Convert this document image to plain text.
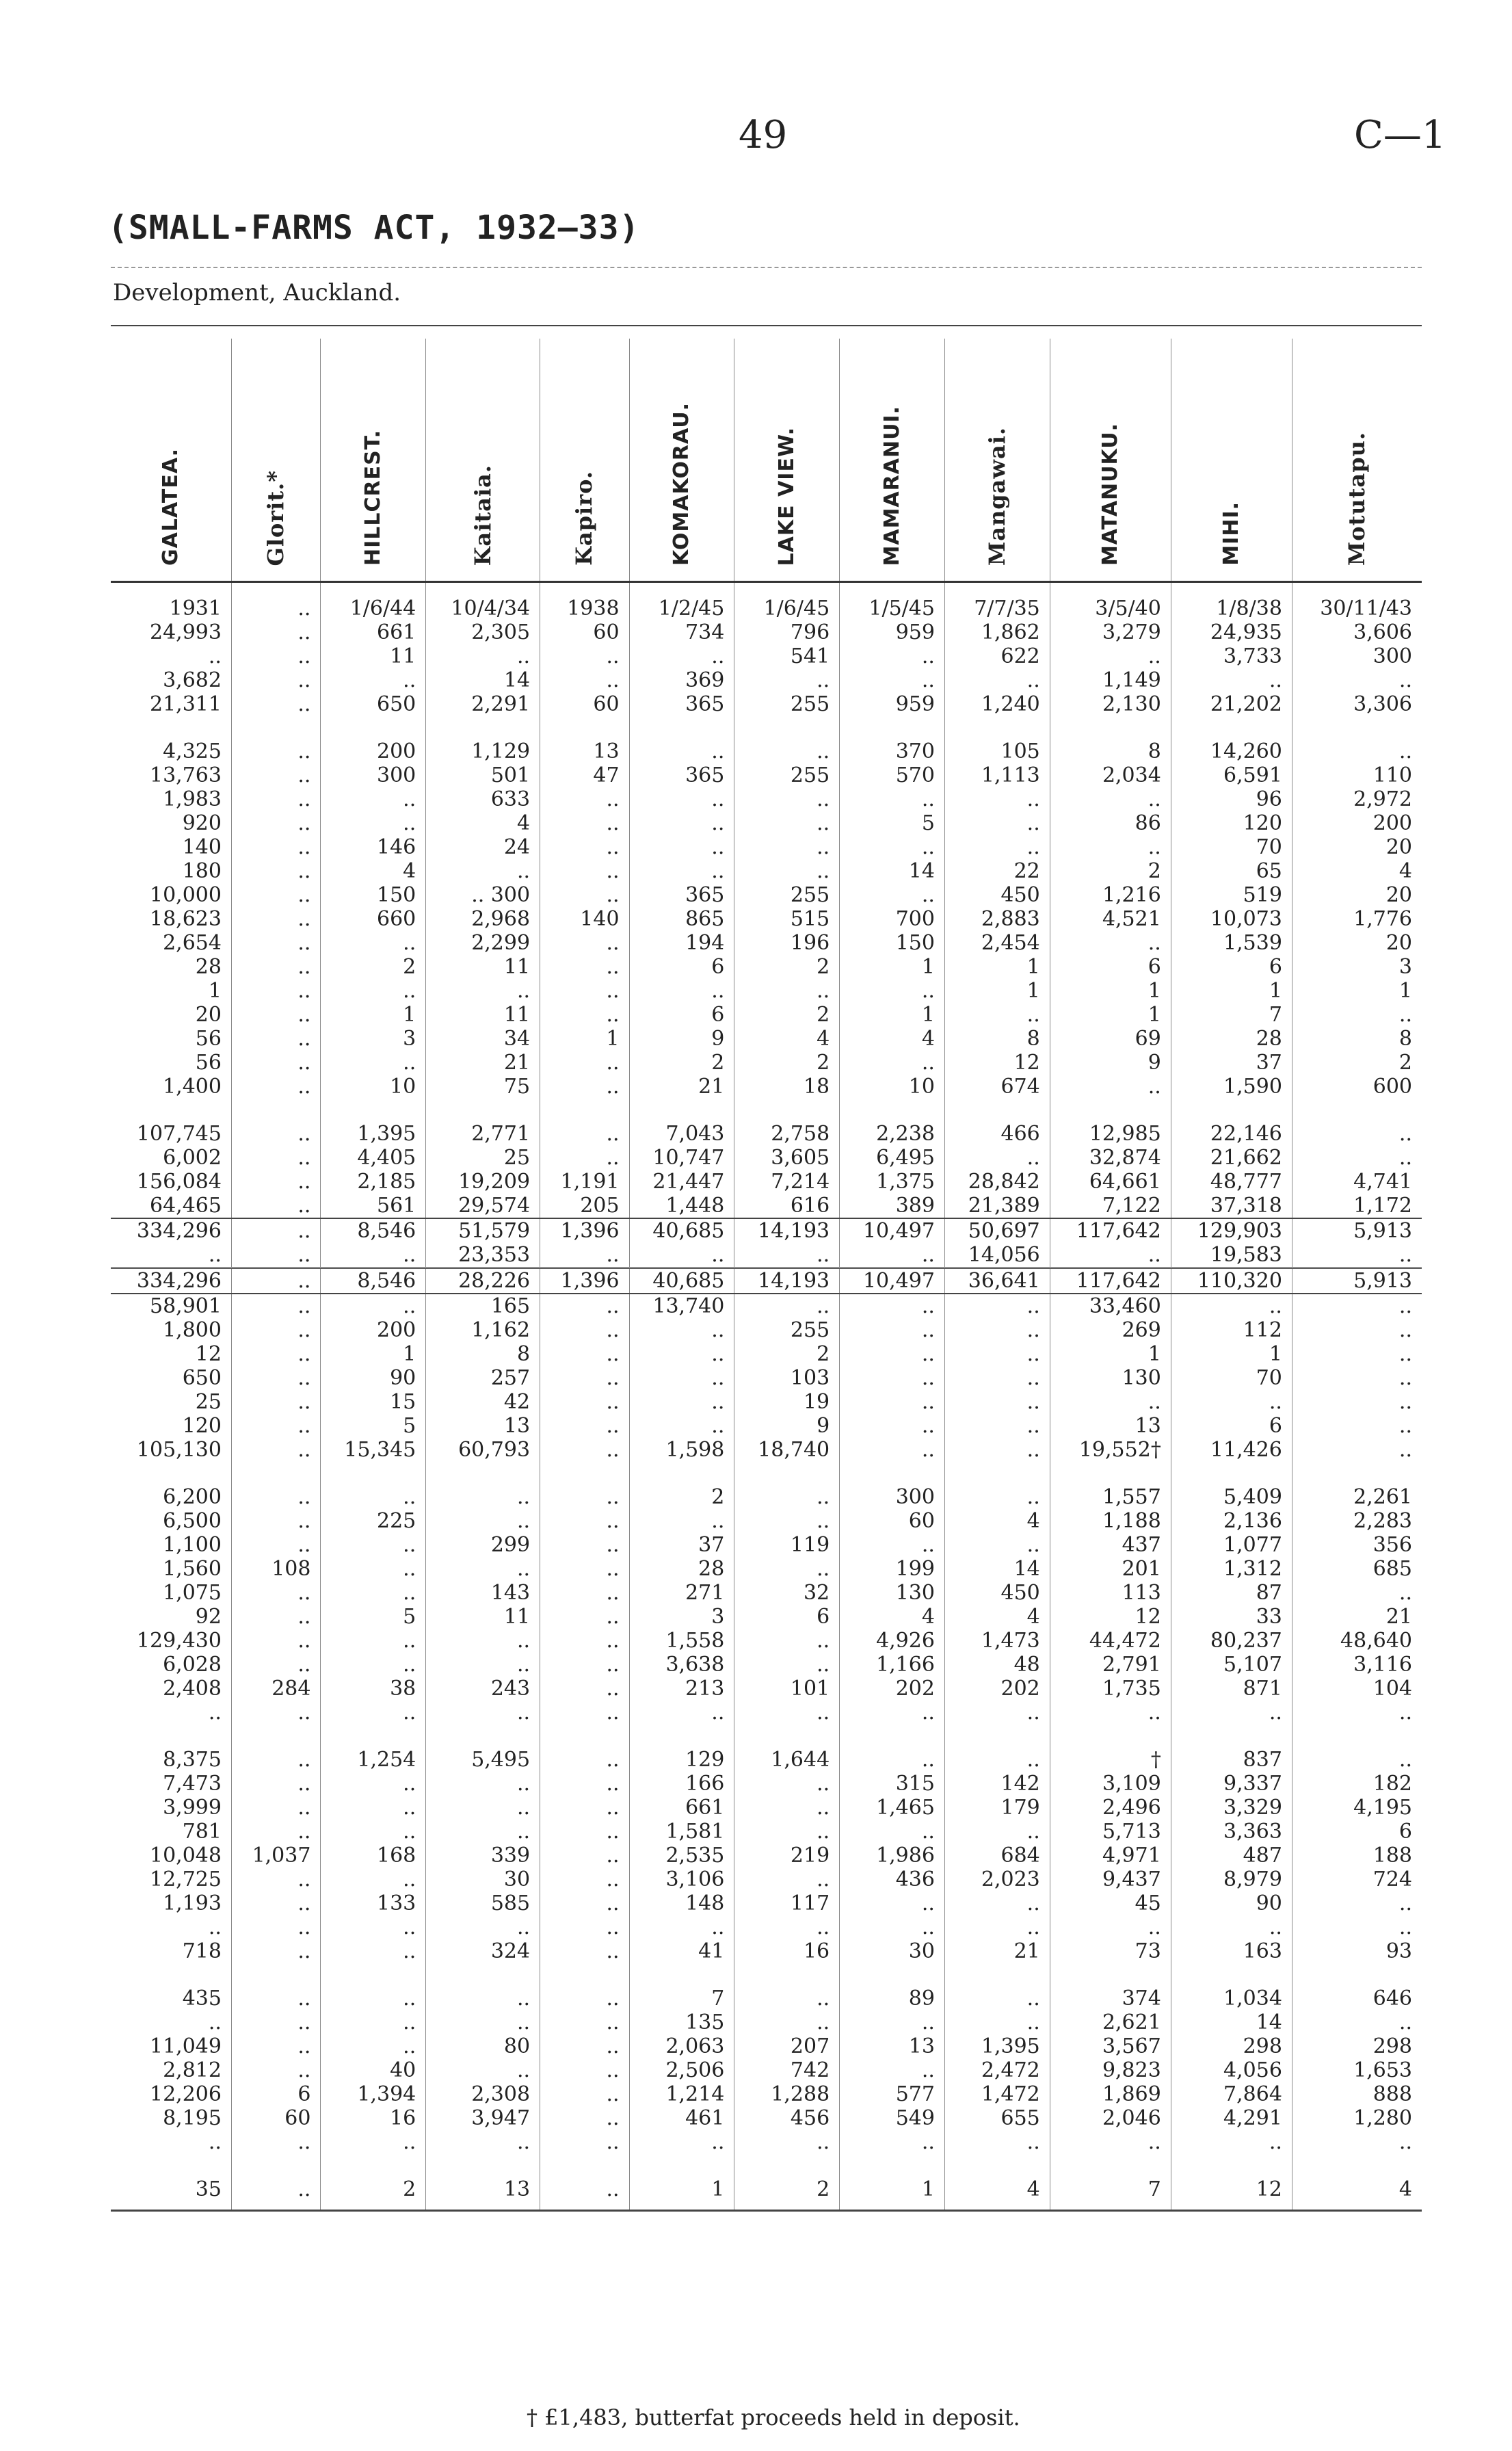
49	C—1
(SMALL-FARMS ACT, 1932–33)
Development, Auckland.
GALATEA.	Glorit.*	HILLCREST.	Kaitaia.	Kapiro.	KOMAKORAU.	LAKE VIEW.	MAMARANUI.	Mangawai.	MATANUKU.	MIHI.	Motutapu.
1931	..	1/6/44	10/4/34	1938	1/2/45	1/6/45	1/5/45	7/7/35	3/5/40	1/8/38	30/11/43
24,993	..	661	2,305	60	734	796	959	1,862	3,279	24,935	3,606
..	..	11	..	..	..	541	..	622	..	3,733	300
3,682	..	..	14	..	369	..	..	..	1,149	..	..
21,311	..	650	2,291	60	365	255	959	1,240	2,130	21,202	3,306

4,325	..	200	1,129	13	..	..	370	105	8	14,260	..
13,763	..	300	501	47	365	255	570	1,113	2,034	6,591	110
1,983	..	..	633	..	..	..	..	..	..	96	2,972
920	..	..	4	..	..	..	5	..	86	120	200
140	..	146	24	..	..	..	..	..	..	70	20
180	..	4	..	..	..	..	14	22	2	65	4
10,000	..	150	.. 300	..	365	255	..	450	1,216	519	20
18,623	..	660	2,968	140	865	515	700	2,883	4,521	10,073	1,776
2,654	..	..	2,299	..	194	196	150	2,454	..	1,539	20
28	..	2	11	..	6	2	1	1	6	6	3
1	..	..	..	..	..	..	..	1	1	1	1
20	..	1	11	..	6	2	1	..	1	7	..
56	..	3	34	1	9	4	4	8	69	28	8
56	..	..	21	..	2	2	..	12	9	37	2
1,400	..	10	75	..	21	18	10	674	..	1,590	600

107,745	..	1,395	2,771	..	7,043	2,758	2,238	466	12,985	22,146	..
6,002	..	4,405	25	..	10,747	3,605	6,495	..	32,874	21,662	..
156,084	..	2,185	19,209	1,191	21,447	7,214	1,375	28,842	64,661	48,777	4,741
64,465	..	561	29,574	205	1,448	616	389	21,389	7,122	37,318	1,172
334,296	..	8,546	51,579	1,396	40,685	14,193	10,497	50,697	117,642	129,903	5,913
..	..	..	23,353	..	..	..	..	14,056	..	19,583	..
334,296	..	8,546	28,226	1,396	40,685	14,193	10,497	36,641	117,642	110,320	5,913
58,901	..	..	165	..	13,740	..	..	..	33,460	..	..
1,800	..	200	1,162	..	..	255	..	..	269	112	..
12	..	1	8	..	..	2	..	..	1	1	..
650	..	90	257	..	..	103	..	..	130	70	..
25	..	15	42	..	..	19	..	..	..	..	..
120	..	5	13	..	..	9	..	..	13	6	..
105,130	..	15,345	60,793	..	1,598	18,740	..	..	19,552†	11,426	..

6,200	..	..	..	..	2	..	300	..	1,557	5,409	2,261
6,500	..	225	..	..	..	..	60	4	1,188	2,136	2,283
1,100	..	..	299	..	37	119	..	..	437	1,077	356
1,560	108	..	..	..	28	..	199	14	201	1,312	685
1,075	..	..	143	..	271	32	130	450	113	87	..
92	..	5	11	..	3	6	4	4	12	33	21
129,430	..	..	..	..	1,558	..	4,926	1,473	44,472	80,237	48,640
6,028	..	..	..	..	3,638	..	1,166	48	2,791	5,107	3,116
2,408	284	38	243	..	213	101	202	202	1,735	871	104
..	..	..	..	..	..	..	..	..	..	..	..

8,375	..	1,254	5,495	..	129	1,644	..	..	†	837	..
7,473	..	..	..	..	166	..	315	142	3,109	9,337	182
3,999	..	..	..	..	661	..	1,465	179	2,496	3,329	4,195
781	..	..	..	..	1,581	..	..	..	5,713	3,363	6
10,048	1,037	168	339	..	2,535	219	1,986	684	4,971	487	188
12,725	..	..	30	..	3,106	..	436	2,023	9,437	8,979	724
1,193	..	133	585	..	148	117	..	..	45	90	..
..	..	..	..	..	..	..	..	..	..	..	..
718	..	..	324	..	41	16	30	21	73	163	93

435	..	..	..	..	7	..	89	..	374	1,034	646
..	..	..	..	..	135	..	..	..	2,621	14	..
11,049	..	..	80	..	2,063	207	13	1,395	3,567	298	298
2,812	..	40	..	..	2,506	742	..	2,472	9,823	4,056	1,653
12,206	6	1,394	2,308	..	1,214	1,288	577	1,472	1,869	7,864	888
8,195	60	16	3,947	..	461	456	549	655	2,046	4,291	1,280
..	..	..	..	..	..	..	..	..	..	..	..

35	..	2	13	..	1	2	1	4	7	12	4
† £1,483, butterfat proceeds held in deposit.
